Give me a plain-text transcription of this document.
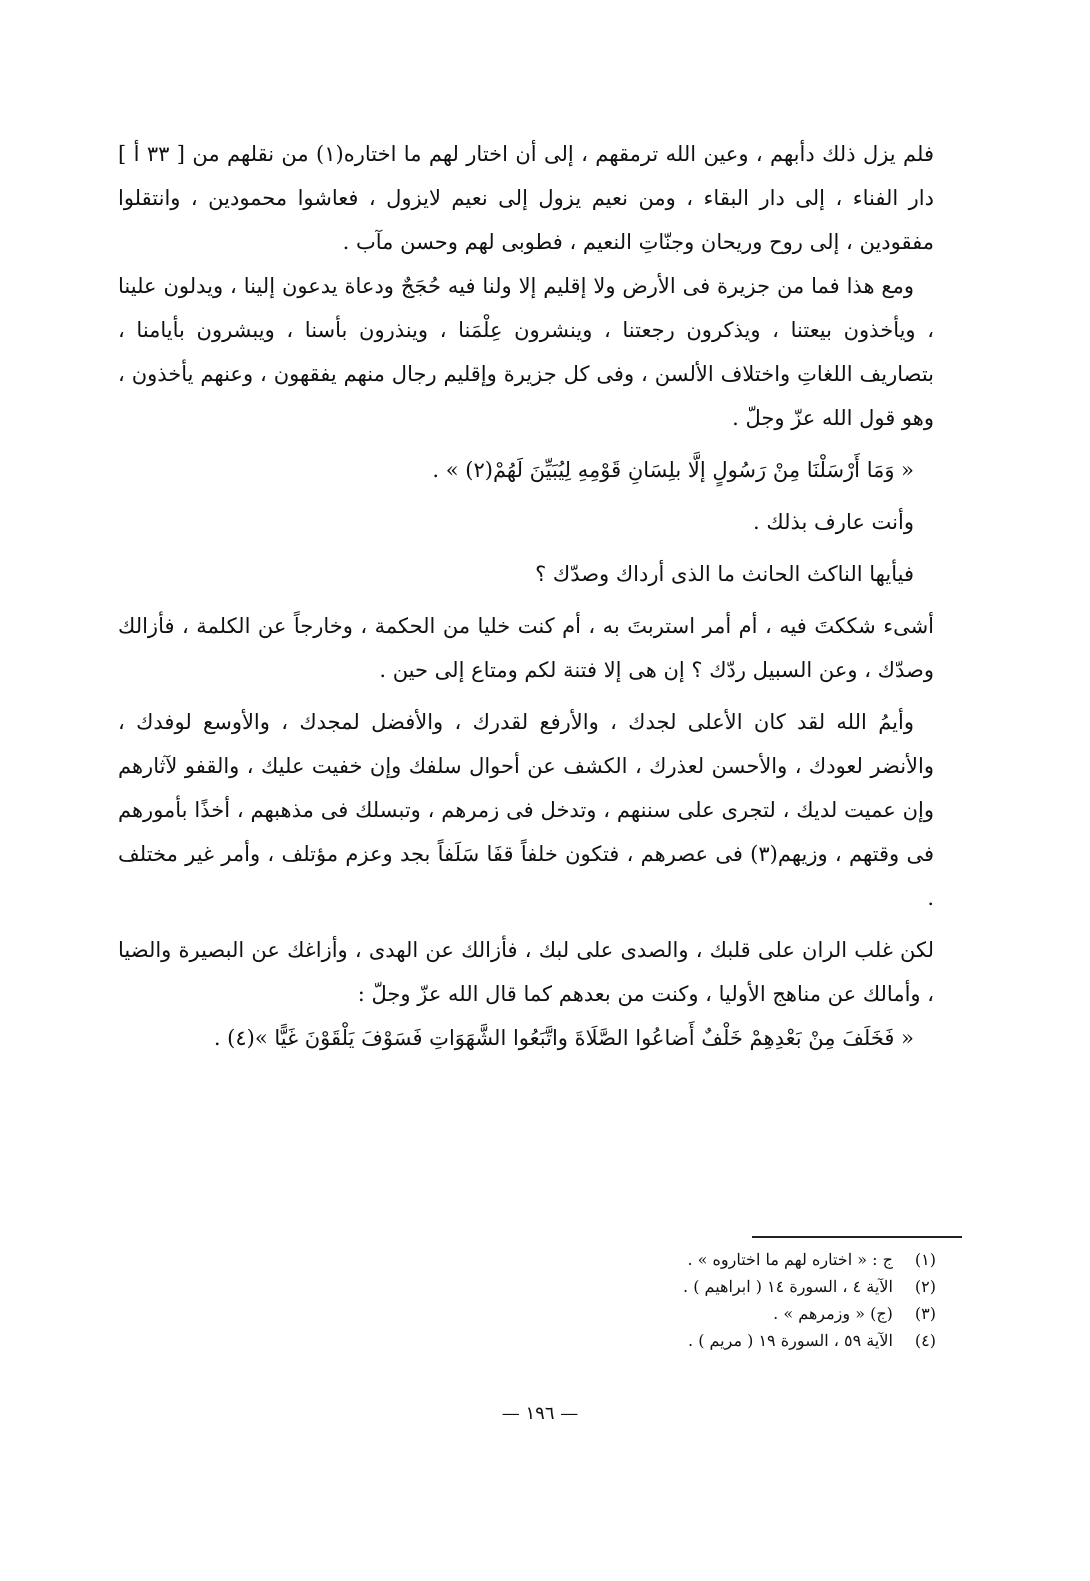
فلم يزل ذلك دأبهم ، وعين الله ترمقهم ، إلى أن اختار لهم ما اختاره(١) من نقلهم من [ ٣٣ أ ] دار الفناء ، إلى دار البقاء ، ومن نعيم يزول إلى نعيم لايزول ، فعاشوا محمودين ، وانتقلوا مفقودين ، إلى روح وريحان وجنّاتِ النعيم ، فطوبى لهم وحسن مآب .

ومع هذا فما من جزيرة فى الأرض ولا إقليم إلا ولنا فيه حُجَجٌ ودعاة يدعون إلينا ، ويدلون علينا ، ويأخذون بيعتنا ، ويذكرون رجعتنا ، وينشرون عِلْمَنا ، وينذرون بأسنا ، ويبشرون بأيامنا ، بتصاريف اللغاتِ واختلاف الألسن ، وفى كل جزيرة وإقليم رجال منهم يفقهون ، وعنهم يأخذون ، وهو قول الله عزّ وجلّ .

« وَمَا أَرْسَلْنَا مِنْ رَسُولٍ إلَّا بلِسَانِ قَوْمِهِ لِيُبَيِّنَ لَهُمْ(٢) » .

وأنت عارف بذلك .

فيأيها الناكث الحانث ما الذى أرداك وصدّك ؟

أشىء شككتَ فيه ، أم أمر استربتَ به ، أم كنت خليا من الحكمة ، وخارجاً عن الكلمة ، فأزالك وصدّك ، وعن السبيل ردّك ؟ إن هى إلا فتنة لكم ومتاع إلى حين .

وأيمُ الله لقد كان الأعلى لجدك ، والأرفع لقدرك ، والأفضل لمجدك ، والأوسع لوفدك ، والأنضر لعودك ، والأحسن لعذرك ، الكشف عن أحوال سلفك وإن خفيت عليك ، والقفو لآثارهم وإن عميت لديك ، لتجرى على سننهم ، وتدخل فى زمرهم ، وتبسلك فى مذهبهم ، أخذًا بأمورهم فى وقتهم ، وزيهم(٣) فى عصرهم ، فتكون خلفاً قفَا سَلَفاً بجد وعزم مؤتلف ، وأمر غير مختلف .

لكن غلب الران على قلبك ، والصدى على لبك ، فأزالك عن الهدى ، وأزاغك عن البصيرة والضيا ، وأمالك عن مناهج الأوليا ، وكنت من بعدهم كما قال الله عزّ وجلّ :

« فَخَلَفَ مِنْ بَعْدِهِمْ خَلْفٌ أَضاعُوا الصَّلَاةَ واتَّبَعُوا الشَّهَوَاتِ فَسَوْفَ يَلْقَوْنَ غَيًّا »(٤) .

(١) ج : « اختاره لهم ما اختاروه » .
(٢) الآية ٤ ، السورة ١٤ ( ابراهيم ) .
(٣) (ج) « وزمرهم » .
(٤) الآية ٥٩ ، السورة ١٩ ( مريم ) .
— ١٩٦ —
